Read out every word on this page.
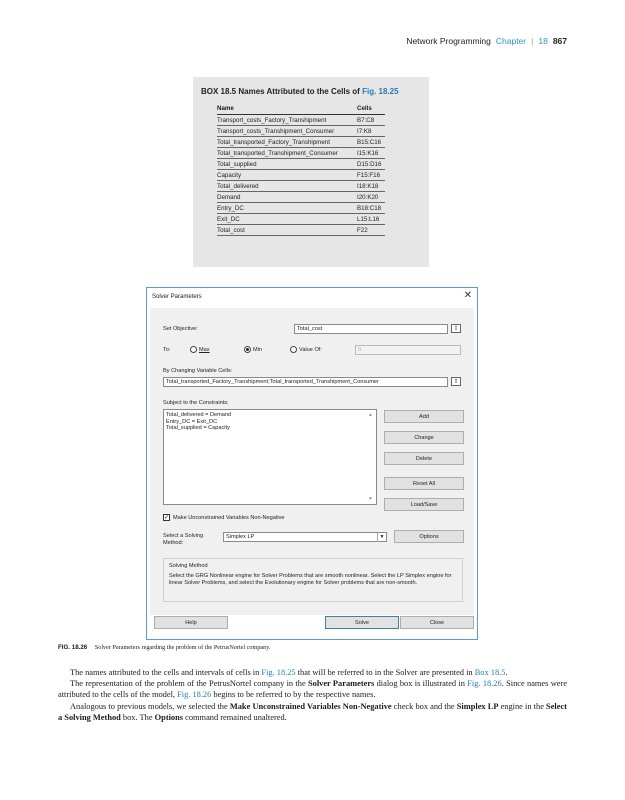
Network Programming Chapter | 18 867
BOX 18.5 Names Attributed to the Cells of Fig. 18.25
Name	Cells
Transport_costs_Factory_Transhipment	B7:C8
Transport_costs_Transhipment_Consumer	I7:K8
Total_transported_Factory_Transhipment	B15:C16
Total_transported_Transhipment_Consumer	I15:K16
Total_supplied	D15:D16
Capacity	F15:F16
Total_delivered	I18:K18
Demand	I20:K20
Entry_DC	B18:C18
Exit_DC	L15:L16
Total_cost	F22
Solver Parameters	✕
Set Objective:	Total_cost	⇧
To:	Max	Min	Value Of:	0
By Changing Variable Cells:
Total_transported_Factory_Transhipment;Total_transported_Transhipment_Consumer	⇧
Subject to the Constraints:
Total_delivered = Demand
Entry_DC = Exit_DC
Total_supplied = Capacity
▲
▼
Add
Change
Delete
Reset All
Load/Save
✓ Make Unconstrained Variables Non-Negative
Select a Solving
Method:
Simplex LP	▼	Options
Solving Method
Select the GRG Nonlinear engine for Solver Problems that are smooth nonlinear. Select the LP Simplex engine for linear Solver Problems, and select the Evolutionary engine for Solver problems that are non-smooth.
Help	Solve	Close
FIG. 18.26 Solver Parameters regarding the problem of the PetrusNortel company.

The names attributed to the cells and intervals of cells in Fig. 18.25 that will be referred to in the Solver are presented in Box 18.5.

The representation of the problem of the PetrusNortel company in the Solver Parameters dialog box is illustrated in Fig. 18.26. Since names were attributed to the cells of the model, Fig. 18.26 begins to be referred to by the respective names.

Analogous to previous models, we selected the Make Unconstrained Variables Non-Negative check box and the Simplex LP engine in the Select a Solving Method box. The Options command remained unaltered.
